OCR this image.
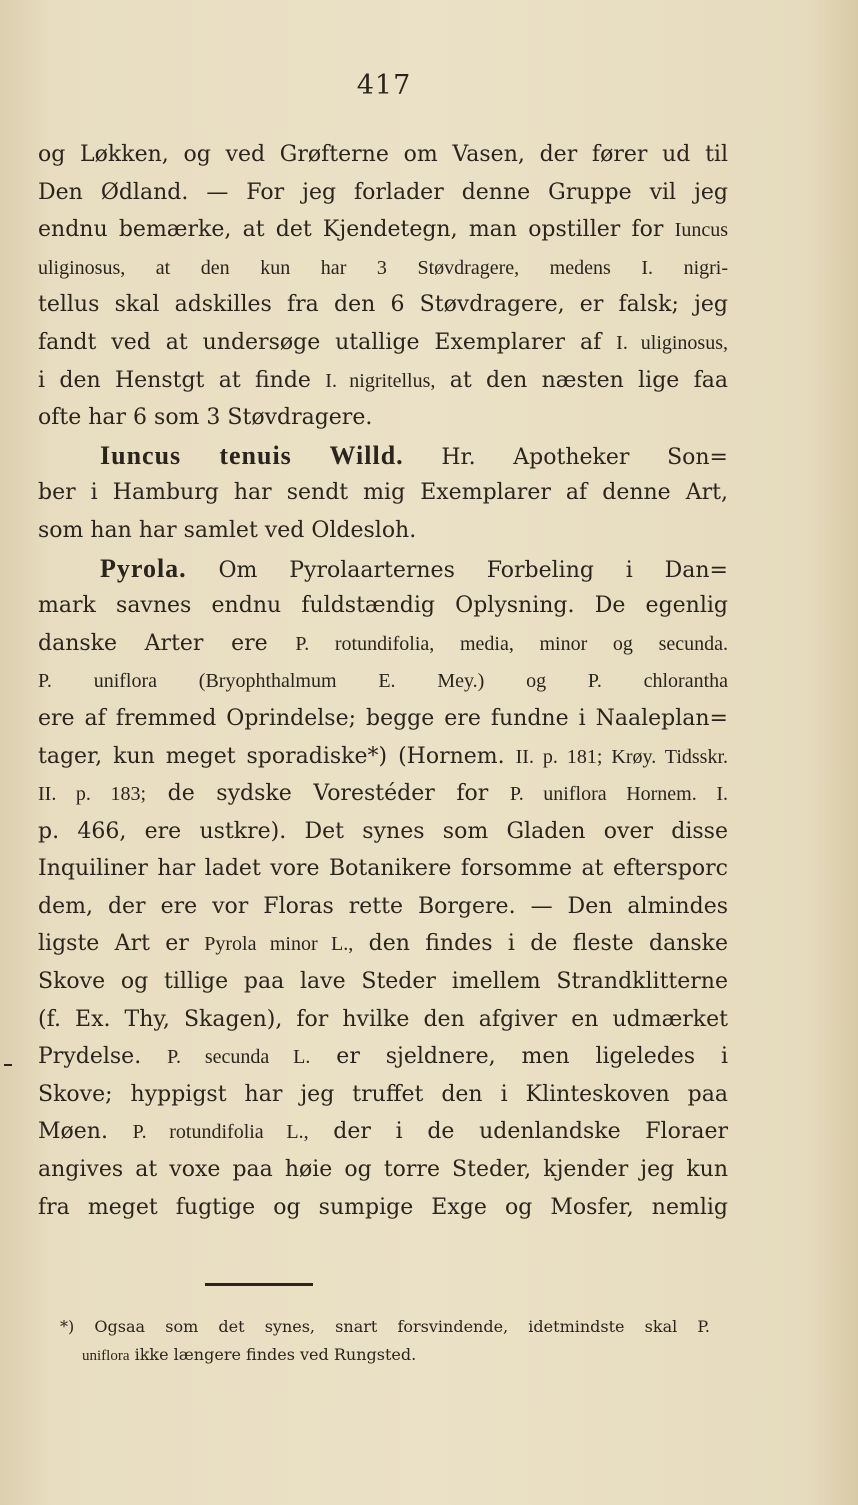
417
og Løkken, og ved Grøfterne om Vasen, der fører ud til
Den Ødland. — For jeg forlader denne Gruppe vil jeg
endnu bemærke, at det Kjendetegn, man opstiller for Iuncus
uliginosus, at den kun har 3 Støvdragere, medens I. nigri-
tellus skal adskilles fra den 6 Støvdragere, er falsk; jeg
fandt ved at undersøge utallige Exemplarer af I. uliginosus,
i den Henstgt at finde I. nigritellus, at den næsten lige faa
ofte har 6 som 3 Støvdragere.
Iuncus tenuis Willd. Hr. Apotheker Son=
ber i Hamburg har sendt mig Exemplarer af denne Art,
som han har samlet ved Oldesloh.
Pyrola. Om Pyrolaarternes Forbeling i Dan=
mark savnes endnu fuldstændig Oplysning. De egenlig
danske Arter ere P. rotundifolia, media, minor og secunda.
P. uniflora (Bryophthalmum E. Mey.) og P. chlorantha
ere af fremmed Oprindelse; begge ere fundne i Naaleplan=
tager, kun meget sporadiske*) (Hornem. II. p. 181; Krøy. Tidsskr.
II. p. 183; de sydske Vorestéder for P. uniflora Hornem. I.
p. 466, ere ustkre). Det synes som Gladen over disse
Inquiliner har ladet vore Botanikere forsomme at eftersporc
dem, der ere vor Floras rette Borgere. — Den almindes
ligste Art er Pyrola minor L., den findes i de fleste danske
Skove og tillige paa lave Steder imellem Strandklitterne
(f. Ex. Thy, Skagen), for hvilke den afgiver en udmærket
Prydelse. P. secunda L. er sjeldnere, men ligeledes i
Skove; hyppigst har jeg truffet den i Klinteskoven paa
Møen. P. rotundifolia L., der i de udenlandske Floraer
angives at voxe paa høie og torre Steder, kjender jeg kun
fra meget fugtige og sumpige Exge og Mosfer, nemlig
*) Ogsaa som det synes, snart forsvindende, idetmindste skal P.
uniflora ikke længere findes ved Rungsted.
